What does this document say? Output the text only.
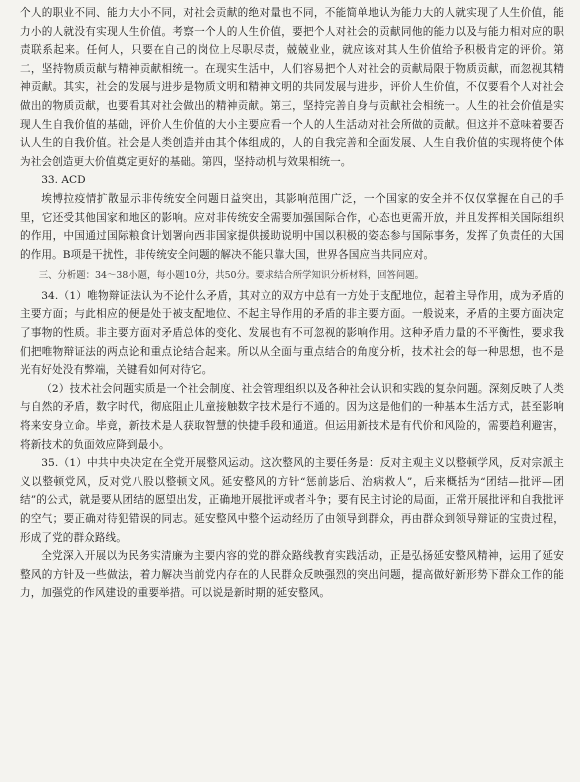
个人的职业不同、能力大小不同，对社会贡献的绝对量也不同，不能简单地认为能力大的人就实现了人生价值，能力小的人就没有实现人生价值。考察一个人的人生价值，要把个人对社会的贡献同他的能力以及与能力相对应的职责联系起来。任何人，只要在自己的岗位上尽职尽责，兢兢业业，就应该对其人生价值给予积极肯定的评价。第二，坚持物质贡献与精神贡献相统一。在现实生活中，人们容易把个人对社会的贡献局限于物质贡献，而忽视其精神贡献。其实，社会的发展与进步是物质文明和精神文明的共同发展与进步，评价人生价值，不仅要看个人对社会做出的物质贡献，也要看其对社会做出的精神贡献。第三，坚持完善自身与贡献社会相统一。人生的社会价值是实现人生自我价值的基础，评价人生价值的大小主要应看一个人的人生活动对社会所做的贡献。但这并不意味着要否认人生的自我价值。社会是人类创造并由其个体组成的，人的自我完善和全面发展、人生自我价值的实现将使个体为社会创造更大价值奠定更好的基础。第四，坚持动机与效果相统一。

33. ACD

埃博拉疫情扩散显示非传统安全问题日益突出，其影响范围广泛，一个国家的安全并不仅仅掌握在自己的手里，它还受其他国家和地区的影响。应对非传统安全需要加强国际合作，心态也更需开放，并且发挥相关国际组织的作用，中国通过国际粮食计划署向西非国家提供援助说明中国以积极的姿态参与国际事务，发挥了负责任的大国的作用。B项是干扰性，非传统安全问题的解决不能只靠大国，世界各国应当共同应对。

三、分析题：34～38小题，每小题10分，共50分。要求结合所学知识分析材料，回答问题。

34.（1）唯物辩证法认为不论什么矛盾，其对立的双方中总有一方处于支配地位，起着主导作用，成为矛盾的主要方面；与此相应的便是处于被支配地位、不起主导作用的矛盾的非主要方面。一般说来，矛盾的主要方面决定了事物的性质。非主要方面对矛盾总体的变化、发展也有不可忽视的影响作用。这种矛盾力量的不平衡性，要求我们把唯物辩证法的两点论和重点论结合起来。所以从全面与重点结合的角度分析，技术社会的每一种思想，也不是光有好处没有弊端，关键看如何对待它。

（2）技术社会问题实质是一个社会制度、社会管理组织以及各种社会认识和实践的复杂问题。深刻反映了人类与自然的矛盾，数字时代，彻底阻止儿童接触数字技术是行不通的。因为这是他们的一种基本生活方式，甚至影响将来安身立命。毕竟，新技术是人获取智慧的快捷手段和通道。但运用新技术是有代价和风险的，需要趋利避害，将新技术的负面效应降到最小。

35.（1）中共中央决定在全党开展整风运动。这次整风的主要任务是：反对主观主义以整顿学风，反对宗派主义以整顿党风，反对党八股以整顿文风。延安整风的方针“惩前毖后、治病救人”，后来概括为“团结—批评—团结”的公式，就是要从团结的愿望出发，正确地开展批评或者斗争；要有民主讨论的局面，正常开展批评和自我批评的空气；要正确对待犯错误的同志。延安整风中整个运动经历了由领导到群众，再由群众到领导辩证的宝贵过程，形成了党的群众路线。

全党深入开展以为民务实清廉为主要内容的党的群众路线教育实践活动，正是弘扬延安整风精神，运用了延安整风的方针及一些做法，着力解决当前党内存在的人民群众反映强烈的突出问题，提高做好新形势下群众工作的能力，加强党的作风建设的重要举措。可以说是新时期的延安整风。
